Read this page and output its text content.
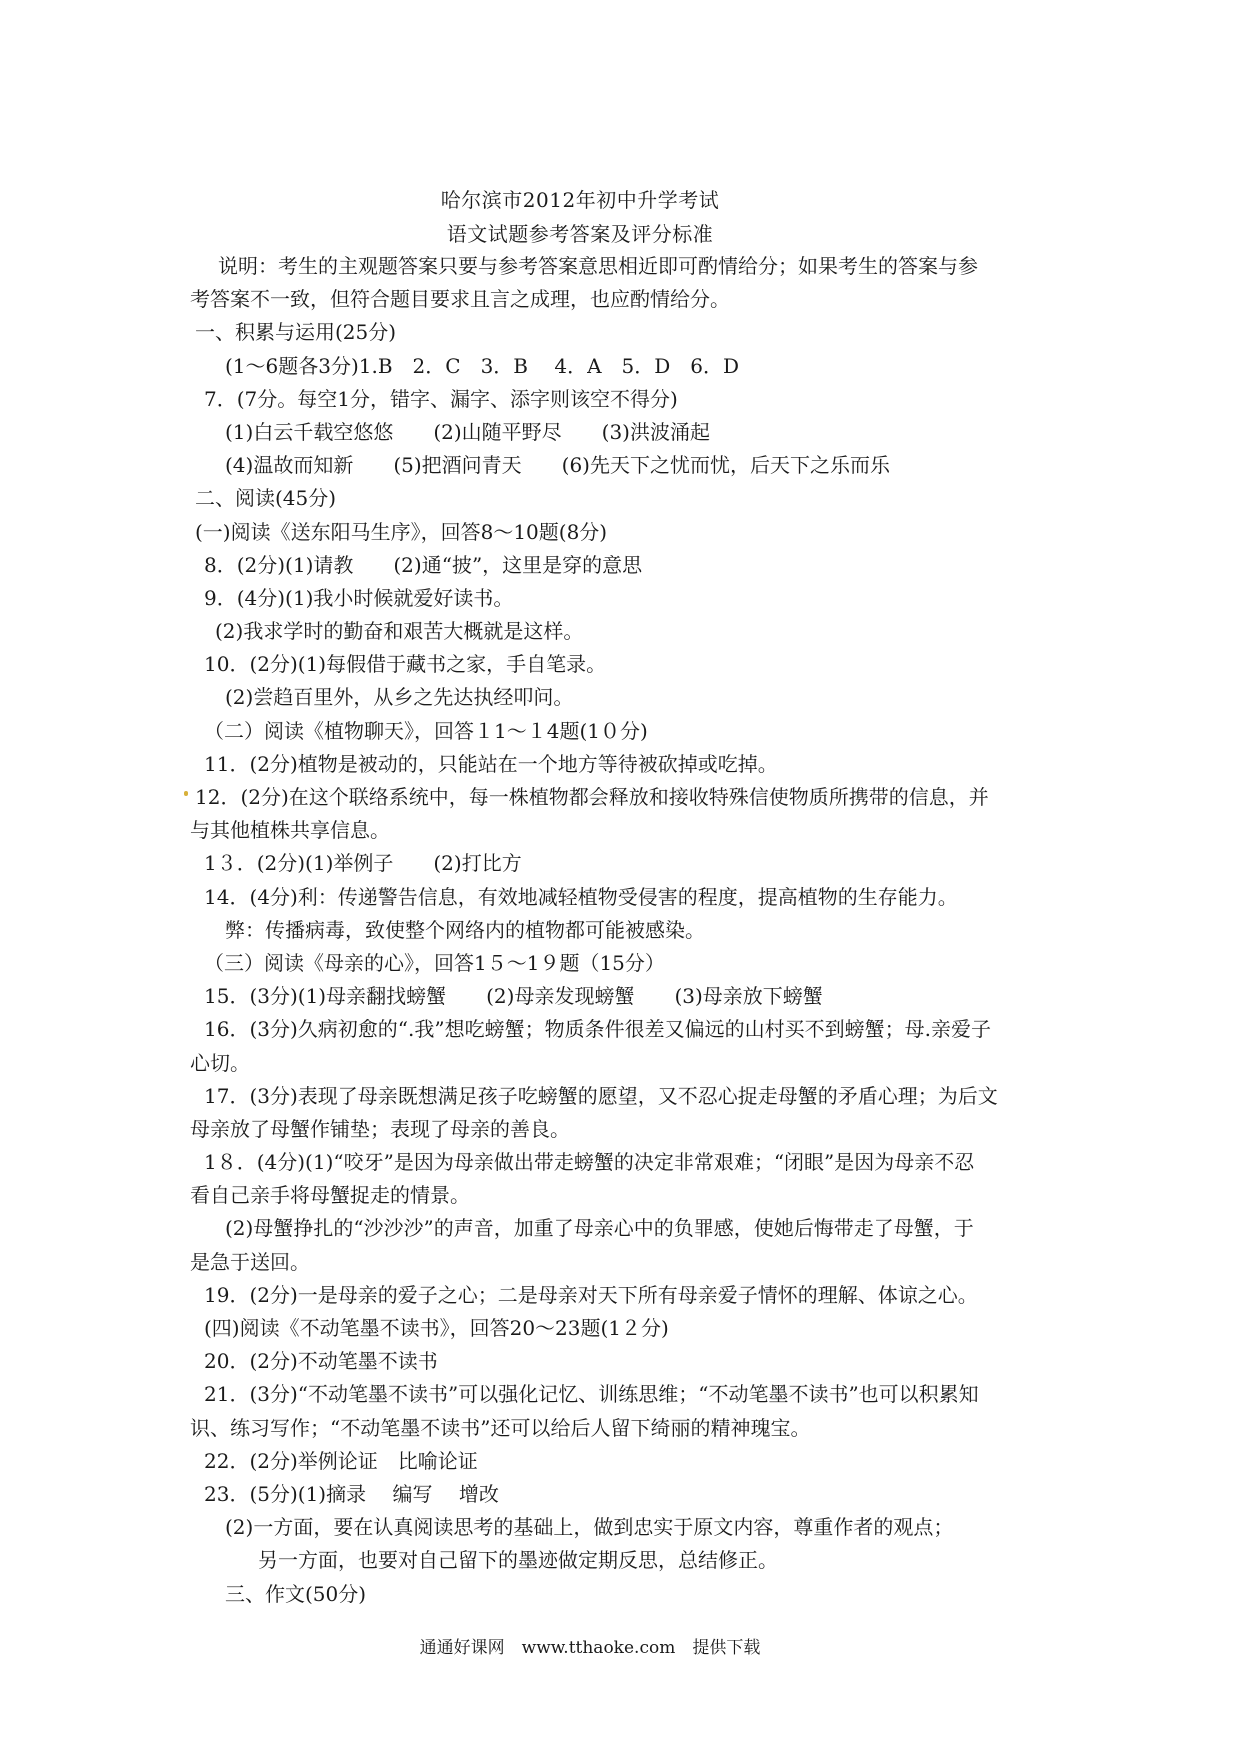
哈尔滨市2012年初中升学考试
语文试题参考答案及评分标准
说明：考生的主观题答案只要与参考答案意思相近即可酌情给分；如果考生的答案与参
考答案不一致，但符合题目要求且言之成理，也应酌情给分。
一、积累与运用(25分)
(1～6题各3分)1.B　2．C　3．B　 4．A　5．D　6．D
7．(7分。每空1分，错字、漏字、添字则该空不得分)
(1)白云千载空悠悠　　(2)山随平野尽　　(3)洪波涌起
(4)温故而知新　　(5)把酒问青天　　(6)先天下之忧而忧，后天下之乐而乐
二、阅读(45分)
(一)阅读《送东阳马生序》，回答8～10题(8分)
8．(2分)(1)请教　　(2)通“披”，这里是穿的意思
9．(4分)(1)我小时候就爱好读书。
(2)我求学时的勤奋和艰苦大概就是这样。
10．(2分)(1)每假借于藏书之家，手自笔录。
(2)尝趋百里外，从乡之先达执经叩问。
（二）阅读《植物聊天》，回答１1～１4题(1０分)
11．(2分)植物是被动的，只能站在一个地方等待被砍掉或吃掉。
12．(2分)在这个联络系统中，每一株植物都会释放和接收特殊信使物质所携带的信息，并
与其他植株共享信息。
1３．(2分)(1)举例子　　(2)打比方
14．(4分)利：传递警告信息，有效地减轻植物受侵害的程度，提高植物的生存能力。
弊：传播病毒，致使整个网络内的植物都可能被感染。
（三）阅读《母亲的心》，回答1５～1９题（15分）
15．(3分)(1)母亲翻找螃蟹　　(2)母亲发现螃蟹　　(3)母亲放下螃蟹
16．(3分)久病初愈的“.我”想吃螃蟹；物质条件很差又偏远的山村买不到螃蟹；母.亲爱子
心切。
17．(3分)表现了母亲既想满足孩子吃螃蟹的愿望，又不忍心捉走母蟹的矛盾心理；为后文
母亲放了母蟹作铺垫；表现了母亲的善良。
1８．(4分)(1)“咬牙”是因为母亲做出带走螃蟹的决定非常艰难；“闭眼”是因为母亲不忍
看自己亲手将母蟹捉走的情景。
(2)母蟹挣扎的“沙沙沙”的声音，加重了母亲心中的负罪感，使她后悔带走了母蟹，于
是急于送回。
19．(2分)一是母亲的爱子之心；二是母亲对天下所有母亲爱子情怀的理解、体谅之心。
(四)阅读《不动笔墨不读书》，回答20～23题(1２分)
20．(2分)不动笔墨不读书
21．(3分)“不动笔墨不读书”可以强化记忆、训练思维；“不动笔墨不读书”也可以积累知
识、练习写作；“不动笔墨不读书”还可以给后人留下绮丽的精神瑰宝。
22．(2分)举例论证　比喻论证
23．(5分)(1)摘录　 编写　 增改
(2)一方面，要在认真阅读思考的基础上，做到忠实于原文内容，尊重作者的观点；
另一方面，也要对自己留下的墨迹做定期反思，总结修正。
三、作文(50分)
通通好课网　www.tthaoke.com　提供下载
